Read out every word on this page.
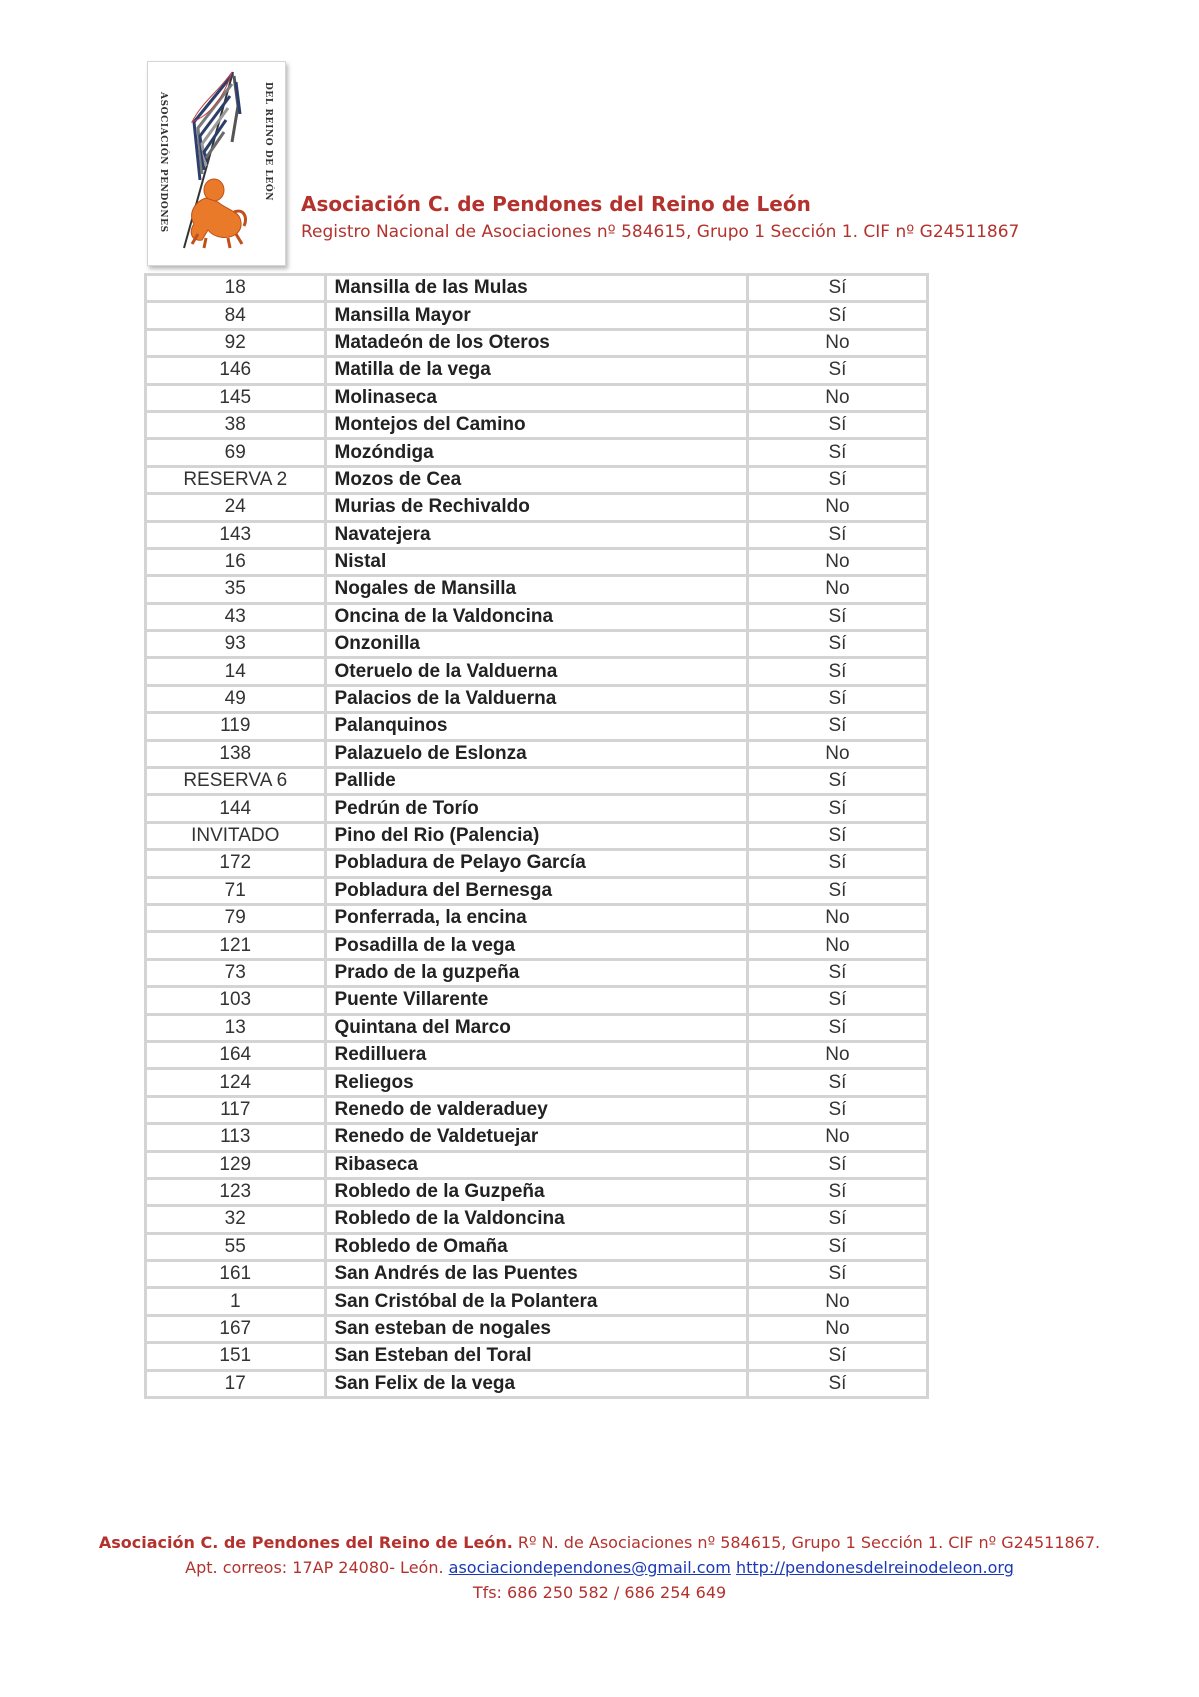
ASOCIACIÓN PENDONES	DEL REINO DE LEÓN
Asociación C. de Pendones del Reino de León
Registro Nacional de Asociaciones nº 584615, Grupo 1 Sección 1. CIF nº G24511867
18	Mansilla de las Mulas	Sí
84	Mansilla Mayor	Sí
92	Matadeón de los Oteros	No
146	Matilla de la vega	Sí
145	Molinaseca	No
38	Montejos del Camino	Sí
69	Mozóndiga	Sí
RESERVA 2	Mozos de Cea	Sí
24	Murias de Rechivaldo	No
143	Navatejera	Sí
16	Nistal	No
35	Nogales de Mansilla	No
43	Oncina de la Valdoncina	Sí
93	Onzonilla	Sí
14	Oteruelo de la Valduerna	Sí
49	Palacios de la Valduerna	Sí
119	Palanquinos	Sí
138	Palazuelo de Eslonza	No
RESERVA 6	Pallide	Sí
144	Pedrún de Torío	Sí
INVITADO	Pino del Rio (Palencia)	Sí
172	Pobladura de Pelayo García	Sí
71	Pobladura del Bernesga	Sí
79	Ponferrada, la encina	No
121	Posadilla de la vega	No
73	Prado de la guzpeña	Sí
103	Puente Villarente	Sí
13	Quintana del Marco	Sí
164	Redilluera	No
124	Reliegos	Sí
117	Renedo de valderaduey	Sí
113	Renedo de Valdetuejar	No
129	Ribaseca	Sí
123	Robledo de la Guzpeña	Sí
32	Robledo de la Valdoncina	Sí
55	Robledo de Omaña	Sí
161	San Andrés de las Puentes	Sí
1	San Cristóbal de la Polantera	No
167	San esteban de nogales	No
151	San Esteban del Toral	Sí
17	San Felix de la vega	Sí
Asociación C. de Pendones del Reino de León. Rº N. de Asociaciones nº 584615, Grupo 1 Sección 1. CIF nº G24511867.
Apt. correos: 17AP 24080- León. asociaciondependones@gmail.com http://pendonesdelreinodeleon.org
Tfs: 686 250 582 / 686 254 649
